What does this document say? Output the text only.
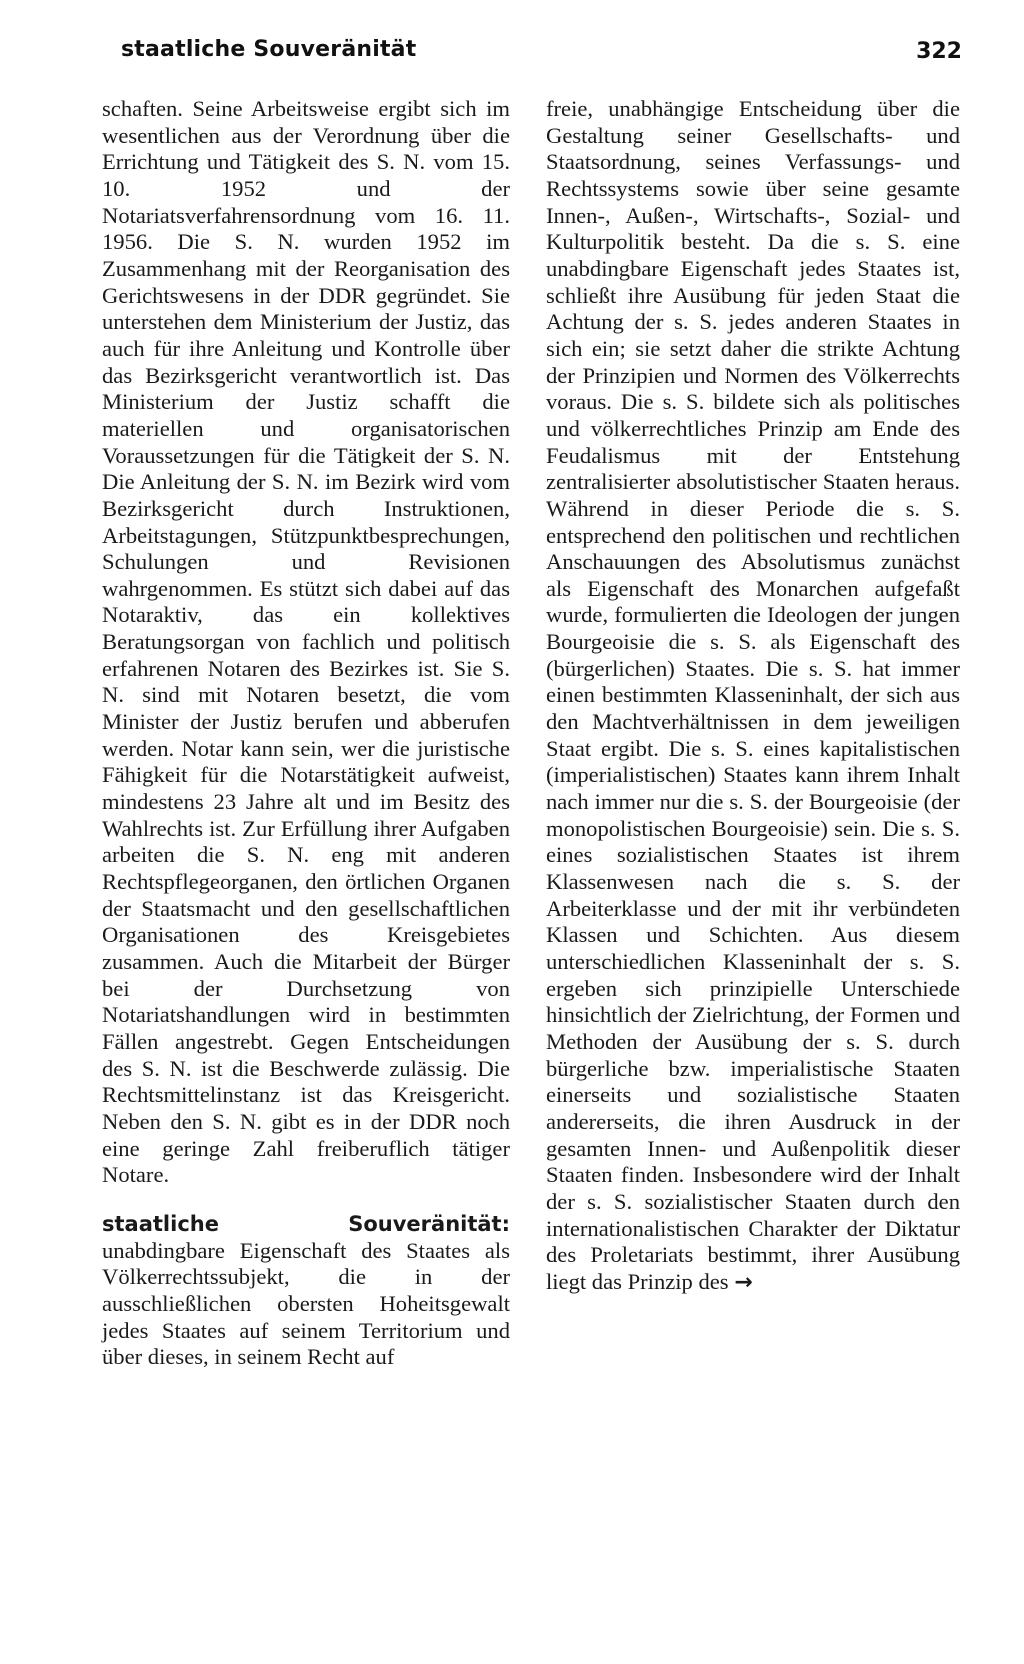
staatliche Souveränität	322

schaften. Seine Arbeitsweise ergibt sich im wesentlichen aus der Verordnung über die Errichtung und Tätigkeit des S. N. vom 15. 10. 1952 und der Notariatsverfahrensordnung vom 16. 11. 1956. Die S. N. wurden 1952 im Zusammenhang mit der Reorganisation des Gerichtswesens in der DDR gegründet. Sie unterstehen dem Ministerium der Justiz, das auch für ihre Anleitung und Kontrolle über das Bezirksgericht verantwortlich ist. Das Ministerium der Justiz schafft die materiellen und organisatorischen Voraussetzungen für die Tätigkeit der S. N. Die Anleitung der S. N. im Bezirk wird vom Bezirksgericht durch Instruktionen, Arbeitstagungen, Stützpunktbesprechungen, Schulungen und Revisionen wahrgenommen. Es stützt sich dabei auf das Notaraktiv, das ein kollektives Beratungsorgan von fachlich und politisch erfahrenen Notaren des Bezirkes ist. Sie S. N. sind mit Notaren besetzt, die vom Minister der Justiz berufen und abberufen werden. Notar kann sein, wer die juristische Fähigkeit für die Notarstätigkeit aufweist, mindestens 23 Jahre alt und im Besitz des Wahlrechts ist. Zur Erfüllung ihrer Aufgaben arbeiten die S. N. eng mit anderen Rechtspflegeorganen, den örtlichen Organen der Staatsmacht und den gesellschaftlichen Organisationen des Kreisgebietes zusammen. Auch die Mitarbeit der Bürger bei der Durchsetzung von Notariatshandlungen wird in bestimmten Fällen angestrebt. Gegen Entscheidungen des S. N. ist die Beschwerde zulässig. Die Rechtsmittelinstanz ist das Kreisgericht. Neben den S. N. gibt es in der DDR noch eine geringe Zahl freiberuflich tätiger Notare.

staatliche Souveränität: unabdingbare Eigenschaft des Staates als Völkerrechtssubjekt, die in der ausschließlichen obersten Hoheitsgewalt jedes Staates auf seinem Territorium und über dieses, in seinem Recht auf

freie, unabhängige Entscheidung über die Gestaltung seiner Gesellschafts- und Staatsordnung, seines Verfassungs- und Rechtssystems sowie über seine gesamte Innen-, Außen-, Wirtschafts-, Sozial- und Kulturpolitik besteht. Da die s. S. eine unabdingbare Eigenschaft jedes Staates ist, schließt ihre Ausübung für jeden Staat die Achtung der s. S. jedes anderen Staates in sich ein; sie setzt daher die strikte Achtung der Prinzipien und Normen des Völkerrechts voraus. Die s. S. bildete sich als politisches und völkerrechtliches Prinzip am Ende des Feudalismus mit der Entstehung zentralisierter absolutistischer Staaten heraus. Während in dieser Periode die s. S. entsprechend den politischen und rechtlichen Anschauungen des Absolutismus zunächst als Eigenschaft des Monarchen aufgefaßt wurde, formulierten die Ideologen der jungen Bourgeoisie die s. S. als Eigenschaft des (bürgerlichen) Staates. Die s. S. hat immer einen bestimmten Klasseninhalt, der sich aus den Machtverhältnissen in dem jeweiligen Staat ergibt. Die s. S. eines kapitalistischen (imperialistischen) Staates kann ihrem Inhalt nach immer nur die s. S. der Bourgeoisie (der monopolistischen Bourgeoisie) sein. Die s. S. eines sozialistischen Staates ist ihrem Klassenwesen nach die s. S. der Arbeiterklasse und der mit ihr verbündeten Klassen und Schichten. Aus diesem unterschiedlichen Klasseninhalt der s. S. ergeben sich prinzipielle Unterschiede hinsichtlich der Zielrichtung, der Formen und Methoden der Ausübung der s. S. durch bürgerliche bzw. imperialistische Staaten einerseits und sozialistische Staaten andererseits, die ihren Ausdruck in der gesamten Innen- und Außenpolitik dieser Staaten finden. Insbesondere wird der Inhalt der s. S. sozialistischer Staaten durch den internationalistischen Charakter der Diktatur des Proletariats bestimmt, ihrer Ausübung liegt das Prinzip des →
